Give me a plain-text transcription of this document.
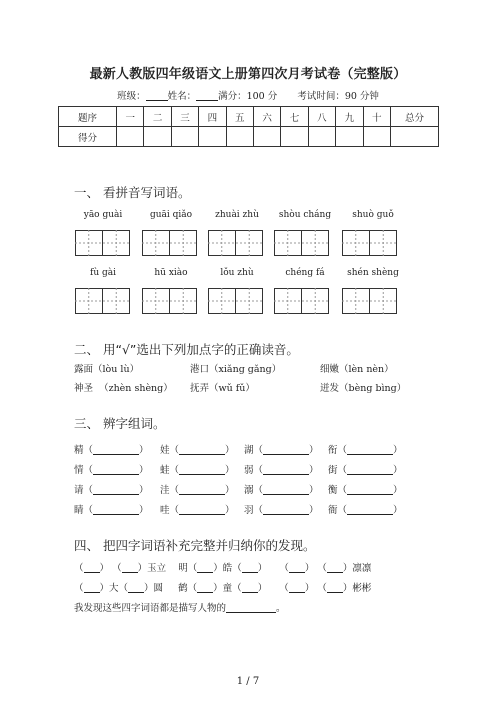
最新人教版四年级语文上册第四次月考试卷（完整版）
班级： 姓名： 满分：100 分 考试时间：90 分钟
题序	一	二	三	四	五	六	七	八	九	十	总分
得分											
一、 看拼音写词语。
yāo guài	guāi qiǎo	zhuài zhù	shòu cháng	shuò guǒ
fù gài	hū xiào	lǒu zhù	chéng fá	shén shèng
二、 用“√”选出下列加点字的正确读音。
露面（lòu lù）	港口（xiǎng gǎng）	细嫩（lèn nèn）
神圣 （zhèn shèng） 抚弄（wǔ fǔ）	迸发（bèng bìng）
三、 辨字组词。
精（	） 娃（	） 湖（	） 衔（	）
情（	） 蛙（	） 弱（	） 街（	）
请（	） 洼（	） 溺（	） 衡（	）
睛（	） 哇（	） 羽（	） 衙（	）
四、 把四字词语补充完整并归纳你的发现。
（ ） （ ）玉立 明（ ）皓（ ） （ ） （ ）凛凛
（ ）大（ ）圆 鹤（ ）童（ ） （ ） （ ）彬彬
我发现这些四字词语都是描写人物的	。
1 / 7
